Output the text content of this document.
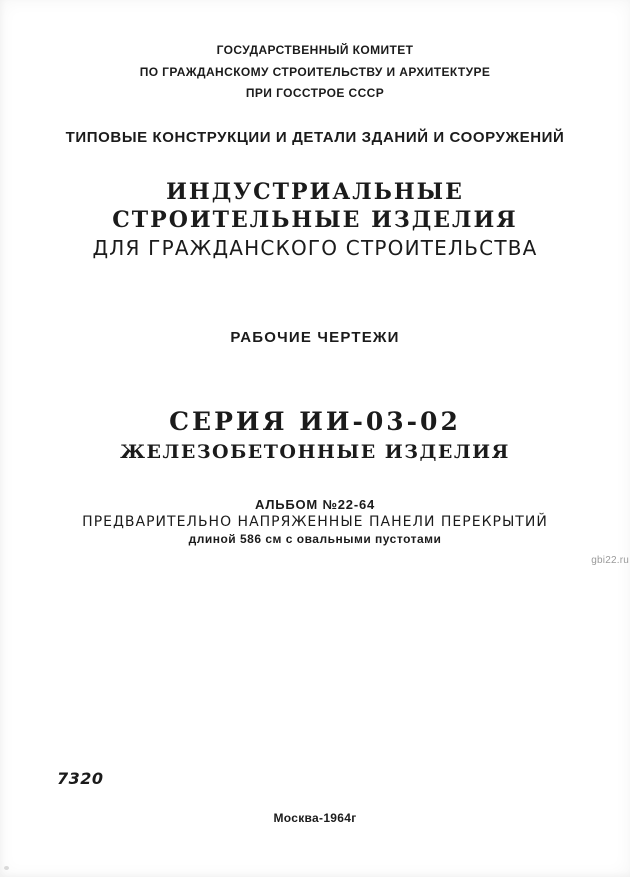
ГОСУДАРСТВЕННЫЙ КОМИТЕТ
ПО ГРАЖДАНСКОМУ СТРОИТЕЛЬСТВУ И АРХИТЕКТУРЕ
ПРИ ГОССТРОЕ СССР
ТИПОВЫЕ КОНСТРУКЦИИ И ДЕТАЛИ ЗДАНИЙ И СООРУЖЕНИЙ
ИНДУСТРИАЛЬНЫЕ
СТРОИТЕЛЬНЫЕ ИЗДЕЛИЯ
ДЛЯ ГРАЖДАНСКОГО СТРОИТЕЛЬСТВА
РАБОЧИЕ ЧЕРТЕЖИ
СЕРИЯ ИИ-03-02
ЖЕЛЕЗОБЕТОННЫЕ ИЗДЕЛИЯ
АЛЬБОМ №22-64
ПРЕДВАРИТЕЛЬНО НАПРЯЖЕННЫЕ ПАНЕЛИ ПЕРЕКРЫТИЙ
длиной 586 см с овальными пустотами
gbi22.ru
7320
Москва-1964г
